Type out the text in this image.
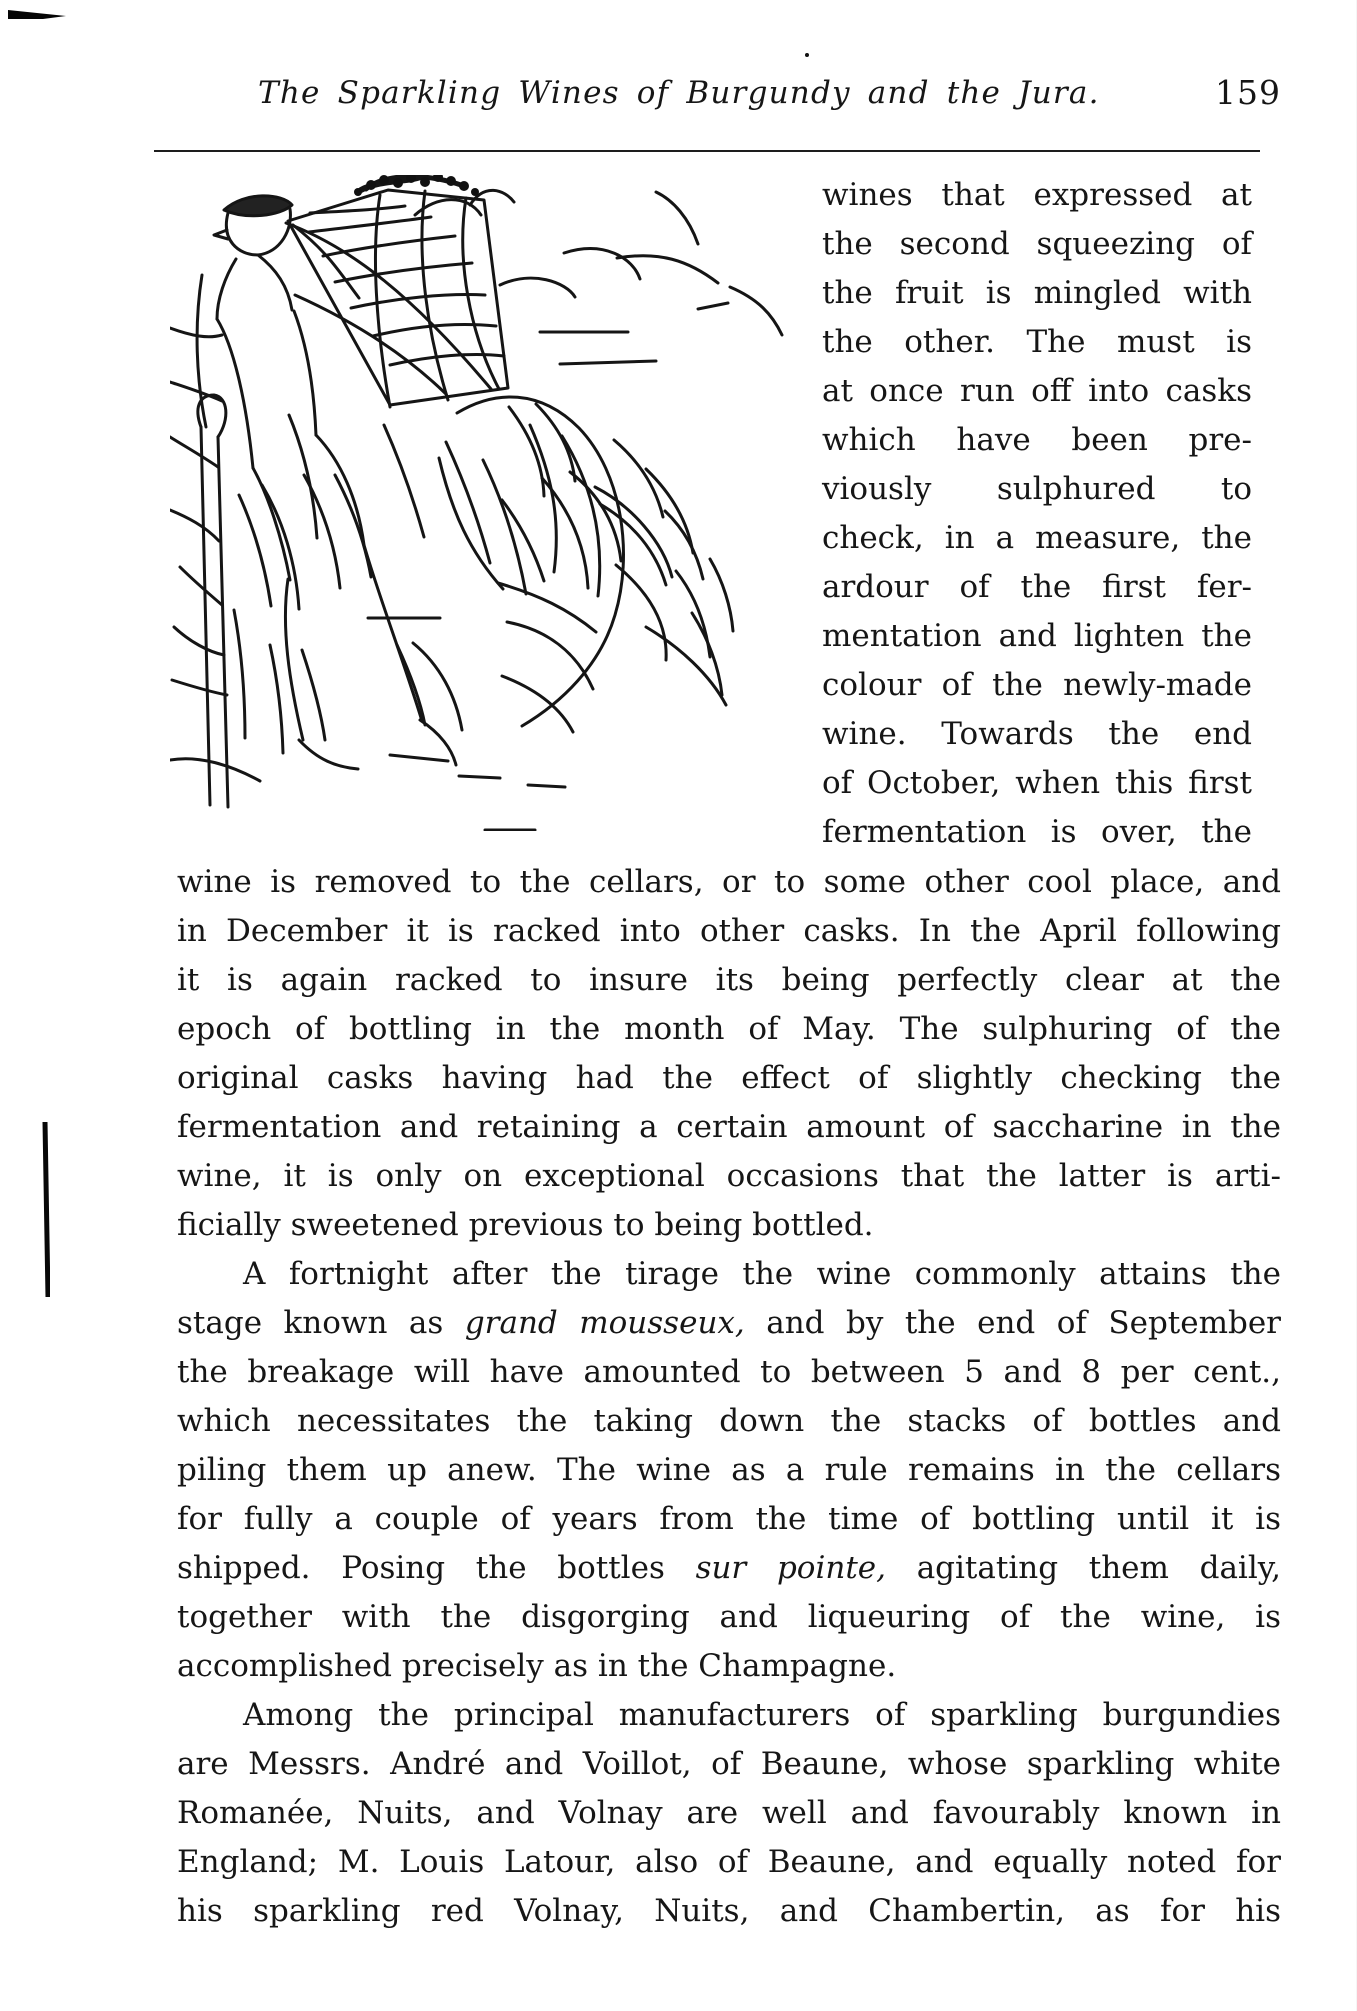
The Sparkling Wines of Burgundy and the Jura.	159
wines that expressed at
the second squeezing of
the fruit is mingled with
the other. The must is
at once run off into casks
which have been pre-
viously sulphured to
check, in a measure, the
ardour of the first fer-
mentation and lighten the
colour of the newly-made
wine. Towards the end
of October, when this first
fermentation is over, the
wine is removed to the cellars, or to some other cool place, and
in December it is racked into other casks. In the April following
it is again racked to insure its being perfectly clear at the
epoch of bottling in the month of May. The sulphuring of the
original casks having had the effect of slightly checking the
fermentation and retaining a certain amount of saccharine in the
wine, it is only on exceptional occasions that the latter is arti-
ficially sweetened previous to being bottled.
A fortnight after the tirage the wine commonly attains the
stage known as grand mousseux, and by the end of September
the breakage will have amounted to between 5 and 8 per cent.,
which necessitates the taking down the stacks of bottles and
piling them up anew. The wine as a rule remains in the cellars
for fully a couple of years from the time of bottling until it is
shipped. Posing the bottles sur pointe, agitating them daily,
together with the disgorging and liqueuring of the wine, is
accomplished precisely as in the Champagne.
Among the principal manufacturers of sparkling burgundies
are Messrs. André and Voillot, of Beaune, whose sparkling white
Romanée, Nuits, and Volnay are well and favourably known in
England; M. Louis Latour, also of Beaune, and equally noted for
his sparkling red Volnay, Nuits, and Chambertin, as for his
